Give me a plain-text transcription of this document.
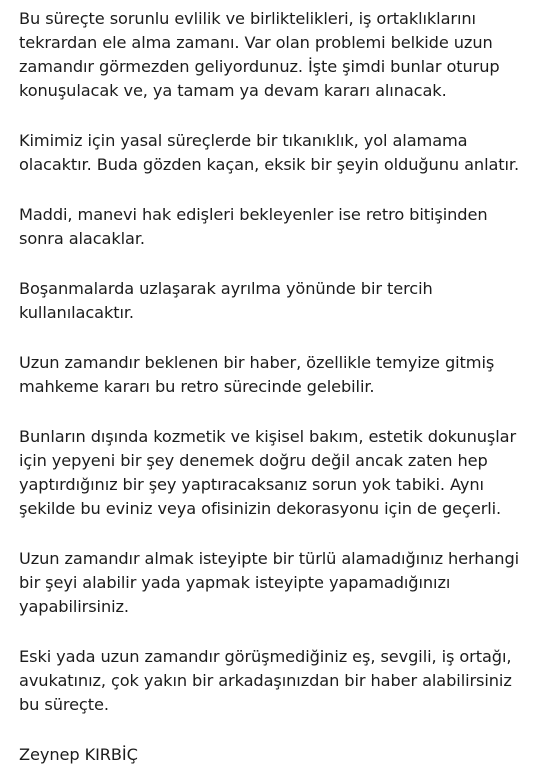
Bu süreçte sorunlu evlilik ve birliktelikleri, iş ortaklıklarını
tekrardan ele alma zamanı. Var olan problemi belkide uzun
zamandır görmezden geliyordunuz. İşte şimdi bunlar oturup
konuşulacak ve, ya tamam ya devam kararı alınacak.

Kimimiz için yasal süreçlerde bir tıkanıklık, yol alamama
olacaktır. Buda gözden kaçan, eksik bir şeyin olduğunu anlatır.

Maddi, manevi hak edişleri bekleyenler ise retro bitişinden
sonra alacaklar.

Boşanmalarda uzlaşarak ayrılma yönünde bir tercih
kullanılacaktır.

Uzun zamandır beklenen bir haber, özellikle temyize gitmiş
mahkeme kararı bu retro sürecinde gelebilir.

Bunların dışında kozmetik ve kişisel bakım, estetik dokunuşlar
için yepyeni bir şey denemek doğru değil ancak zaten hep
yaptırdığınız bir şey yaptıracaksanız sorun yok tabiki. Aynı
şekilde bu eviniz veya ofisinizin dekorasyonu için de geçerli.

Uzun zamandır almak isteyipte bir türlü alamadığınız herhangi
bir şeyi alabilir yada yapmak isteyipte yapamadığınızı
yapabilirsiniz.

Eski yada uzun zamandır görüşmediğiniz eş, sevgili, iş ortağı,
avukatınız, çok yakın bir arkadaşınızdan bir haber alabilirsiniz
bu süreçte.

Zeynep KIRBİÇ
